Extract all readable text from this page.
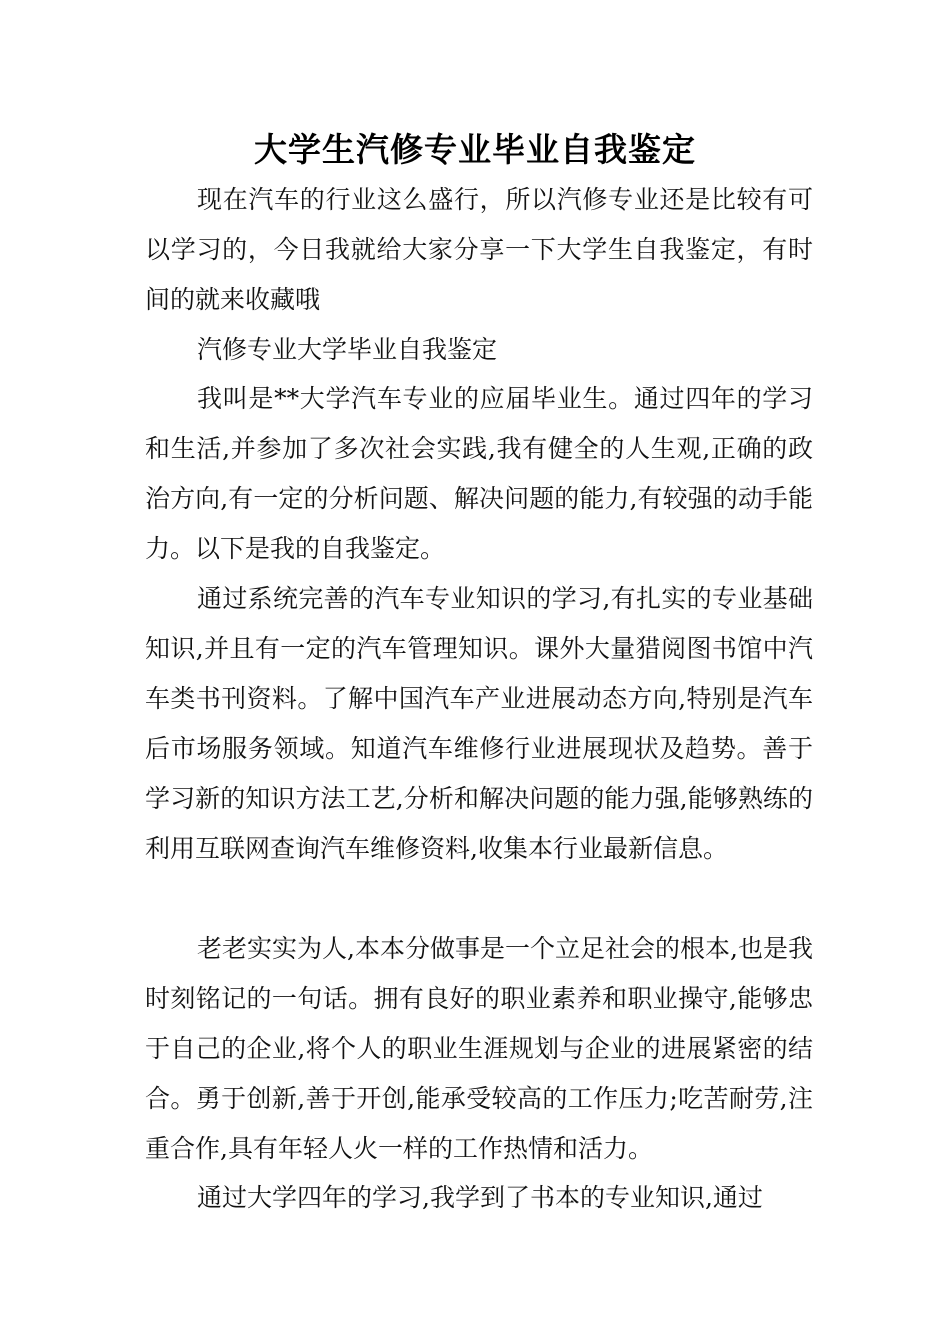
大学生汽修专业毕业自我鉴定

现在汽车的行业这么盛行，所以汽修专业还是比较有可以学习的，今日我就给大家分享一下大学生自我鉴定，有时间的就来收藏哦

汽修专业大学毕业自我鉴定

我叫是**大学汽车专业的应届毕业生。通过四年的学习和生活,并参加了多次社会实践,我有健全的人生观,正确的政治方向,有一定的分析问题、解决问题的能力,有较强的动手能力。以下是我的自我鉴定。

通过系统完善的汽车专业知识的学习,有扎实的专业基础知识,并且有一定的汽车管理知识。课外大量猎阅图书馆中汽车类书刊资料。了解中国汽车产业进展动态方向,特别是汽车后市场服务领域。知道汽车维修行业进展现状及趋势。善于学习新的知识方法工艺,分析和解决问题的能力强,能够熟练的利用互联网查询汽车维修资料,收集本行业最新信息。

老老实实为人,本本分做事是一个立足社会的根本,也是我时刻铭记的一句话。拥有良好的职业素养和职业操守,能够忠于自己的企业,将个人的职业生涯规划与企业的进展紧密的结合。勇于创新,善于开创,能承受较高的工作压力;吃苦耐劳,注重合作,具有年轻人火一样的工作热情和活力。

通过大学四年的学习,我学到了书本的专业知识,通过
